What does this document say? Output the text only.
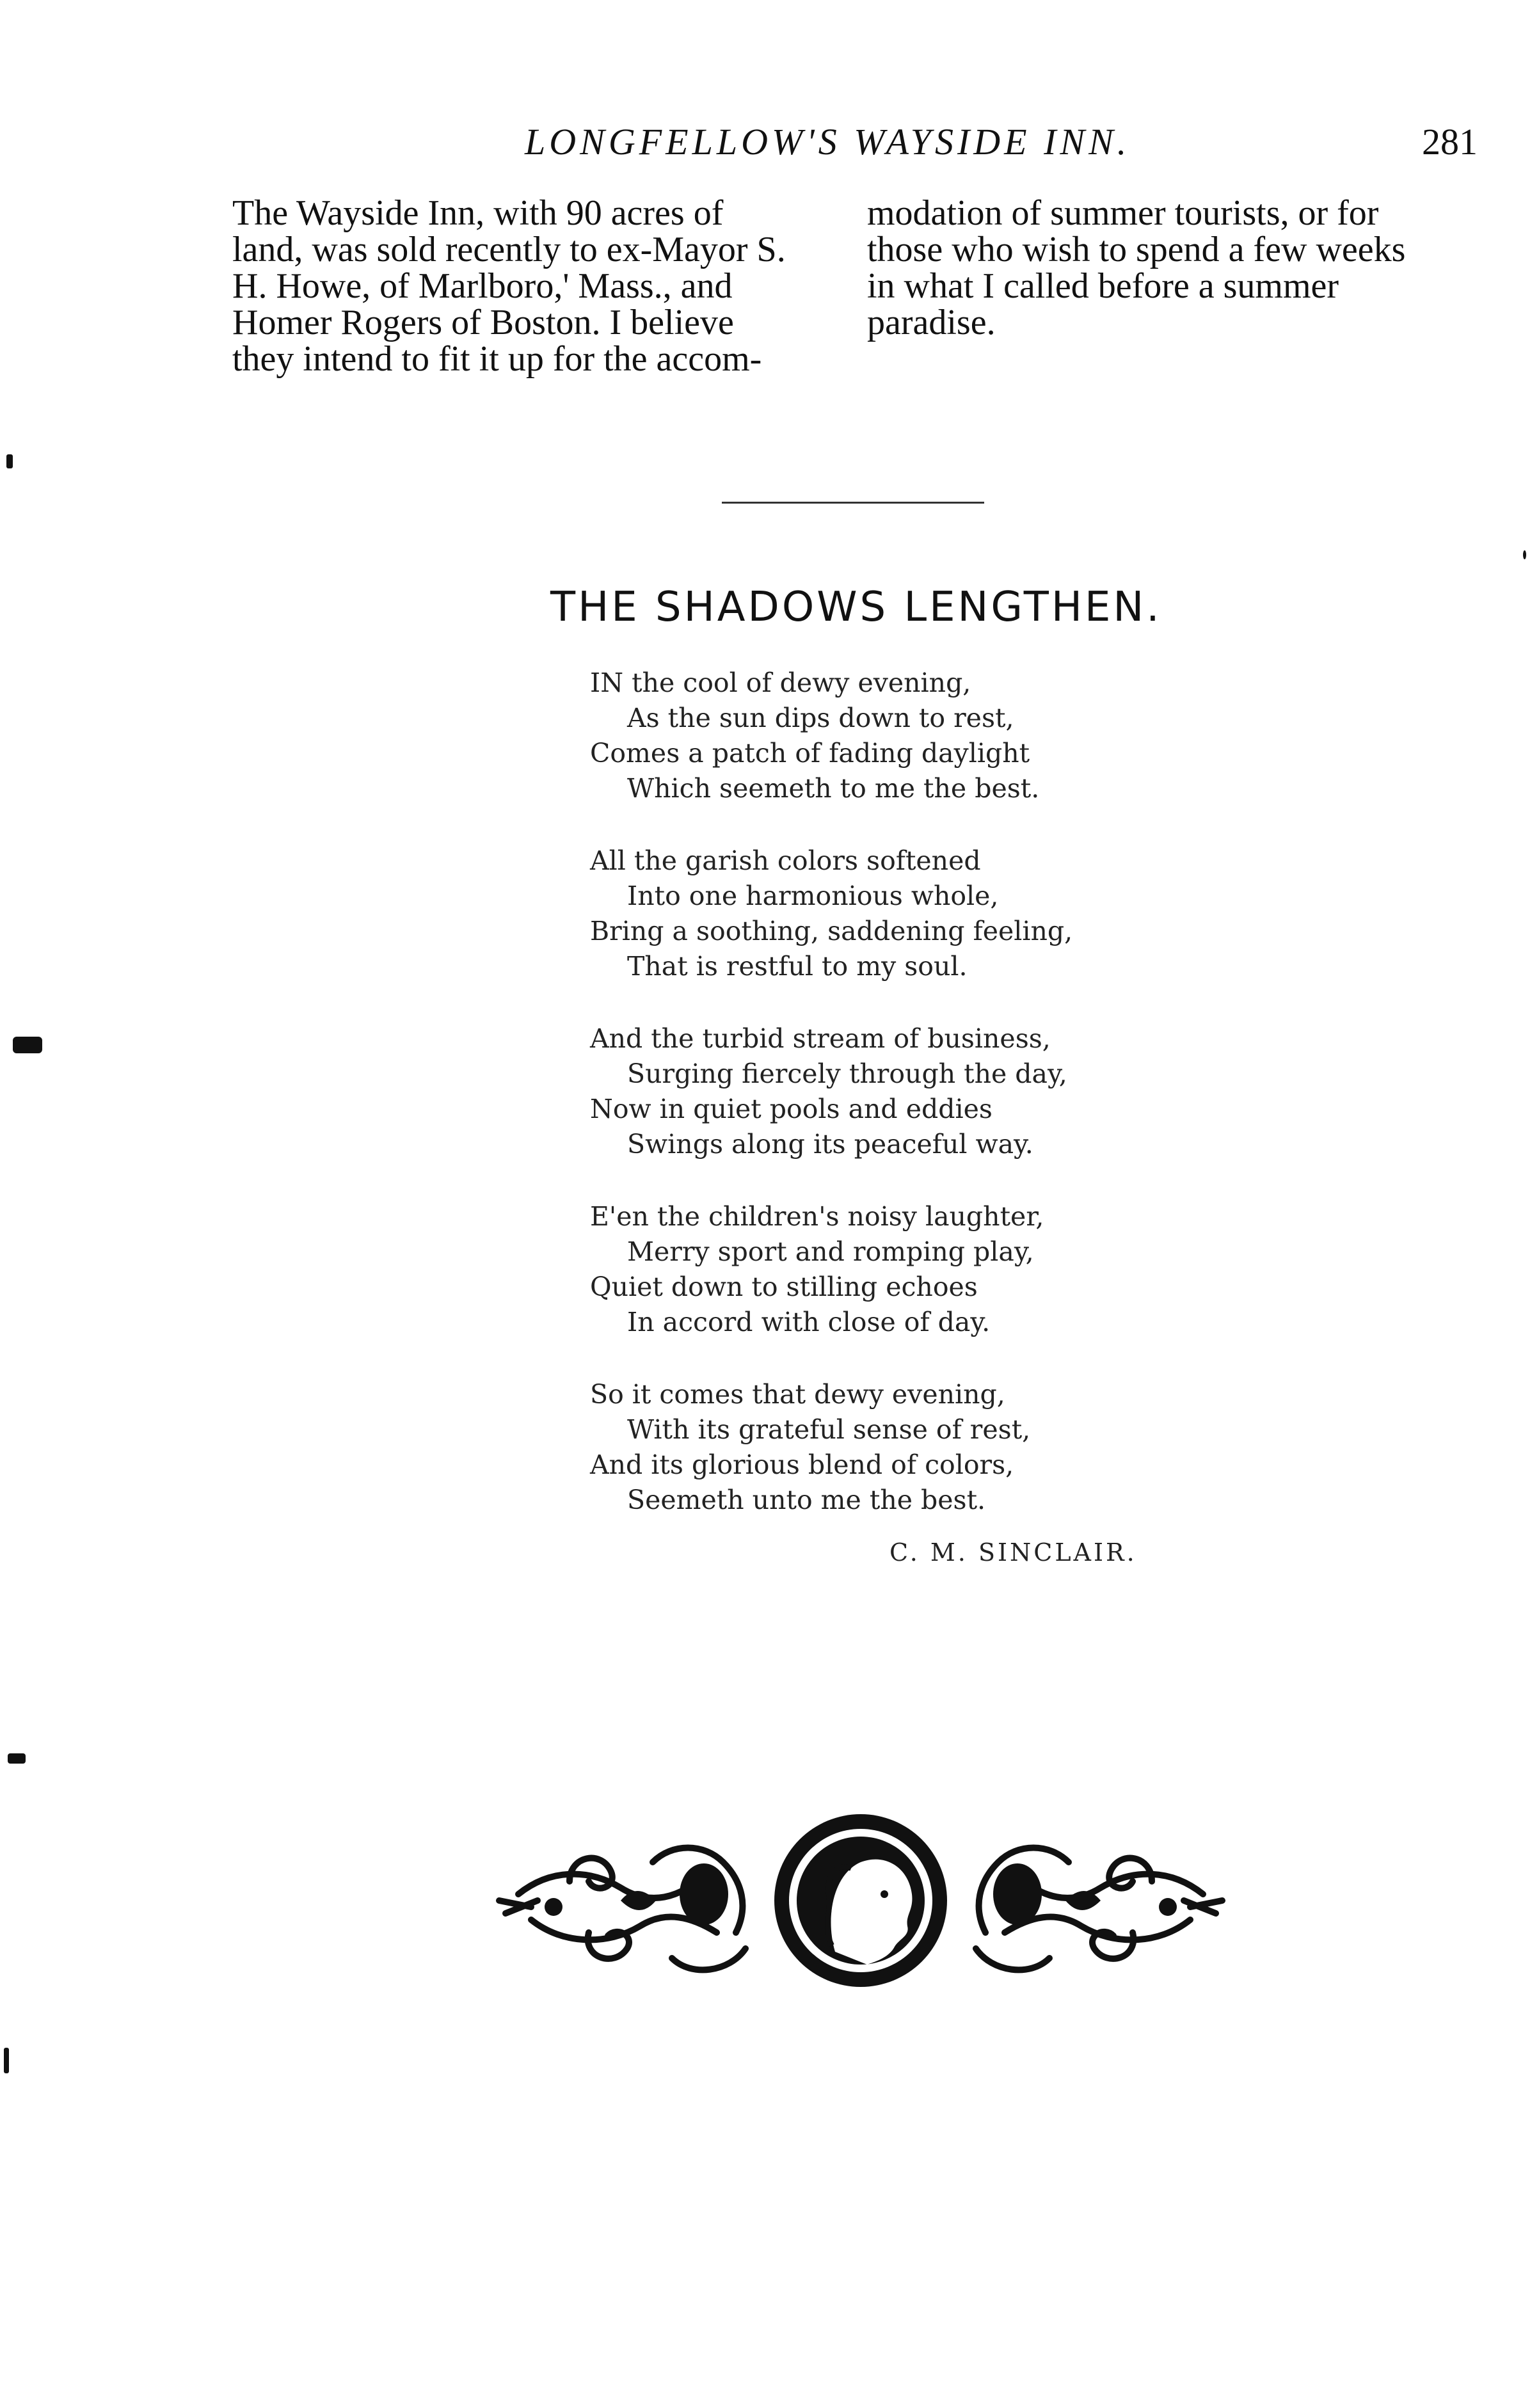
LONGFELLOW'S WAYSIDE INN.	281

The Wayside Inn, with 90 acres of

land, was sold recently to ex-Mayor S.

H. Howe, of Marlboro,' Mass., and

Homer Rogers of Boston. I believe

they intend to fit it up for the accom-

modation of summer tourists, or for

those who wish to spend a few weeks

in what I called before a summer

paradise.

THE SHADOWS LENGTHEN.
IN the cool of dewy evening,
As the sun dips down to rest,
Comes a patch of fading daylight
Which seemeth to me the best.
All the garish colors softened
Into one harmonious whole,
Bring a soothing, saddening feeling,
That is restful to my soul.
And the turbid stream of business,
Surging fiercely through the day,
Now in quiet pools and eddies
Swings along its peaceful way.
E'en the children's noisy laughter,
Merry sport and romping play,
Quiet down to stilling echoes
In accord with close of day.
So it comes that dewy evening,
With its grateful sense of rest,
And its glorious blend of colors,
Seemeth unto me the best.
C. M. SINCLAIR.
